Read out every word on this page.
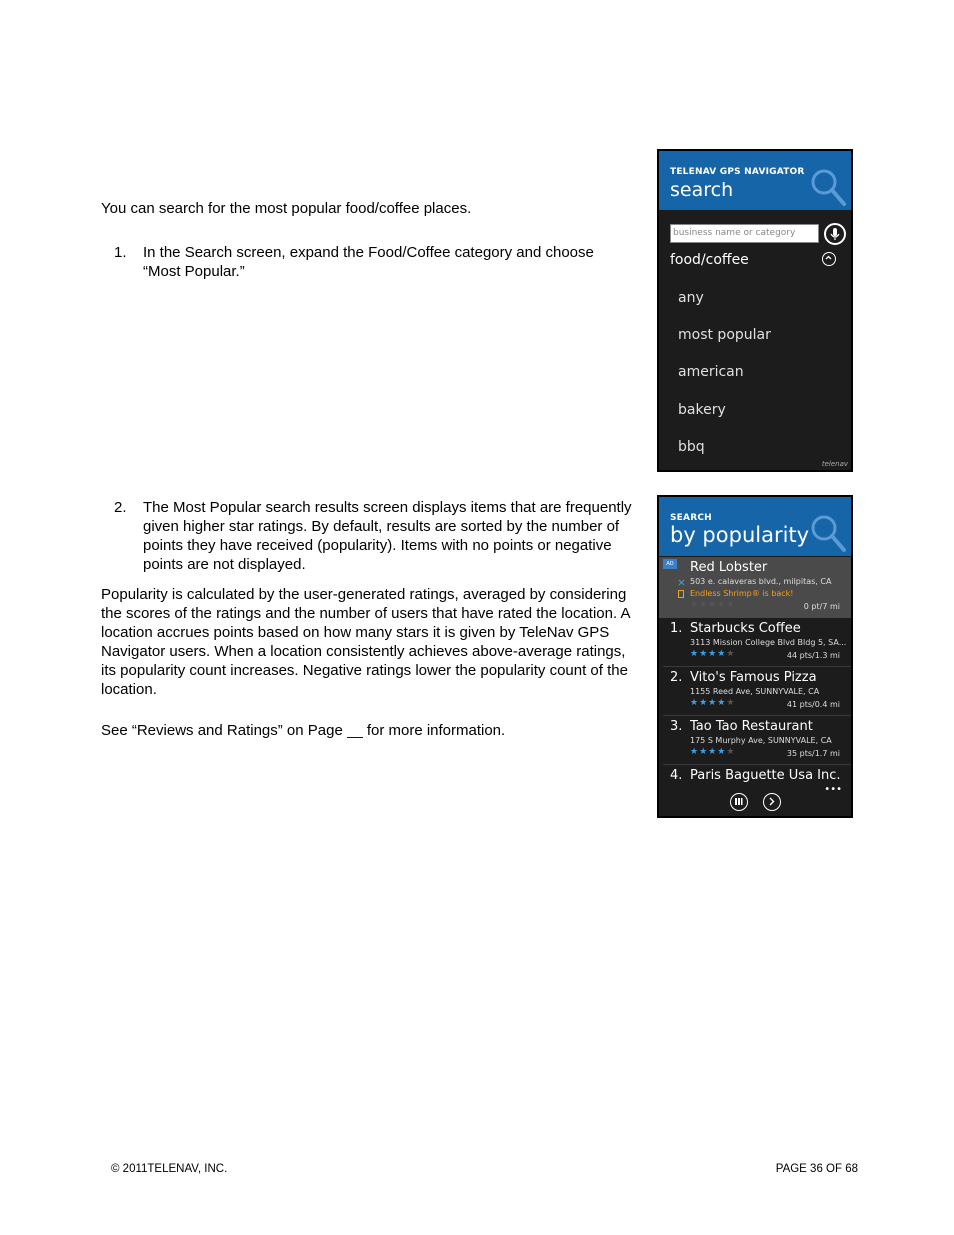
You can search for the most popular food/coffee places.
1. In the Search screen, expand the Food/Coffee category and choose “Most Popular.”
2. The Most Popular search results screen displays items that are frequently given higher star ratings. By default, results are sorted by the number of points they have received (popularity). Items with no points or negative points are not displayed.
Popularity is calculated by the user-generated ratings, averaged by considering the scores of the ratings and the number of users that have rated the location. A location accrues points based on how many stars it is given by TeleNav GPS Navigator users. When a location consistently achieves above-average ratings, its popularity count increases. Negative ratings lower the popularity count of the location.
See “Reviews and Ratings” on Page for more information.
© 2011TELENAV, INC.	PAGE 36 OF 68
TELENAV GPS NAVIGATOR
search
business name or category
food/coffee
any
most popular
american
bakery
bbq
telenav
SEARCH
by popularity
AD Red Lobster
503 e. calaveras blvd., milpitas, CA
Endless Shrimp® is back!
★★★★★	0 pt/7 mi
1. Starbucks Coffee
3113 Mission College Blvd Bldg 5, SA...
★★★★★	44 pts/1.3 mi
2. Vito's Famous Pizza
1155 Reed Ave, SUNNYVALE, CA
★★★★★	41 pts/0.4 mi
3. Tao Tao Restaurant
175 S Murphy Ave, SUNNYVALE, CA
★★★★★	35 pts/1.7 mi
4. Paris Baguette Usa Inc.
•••
